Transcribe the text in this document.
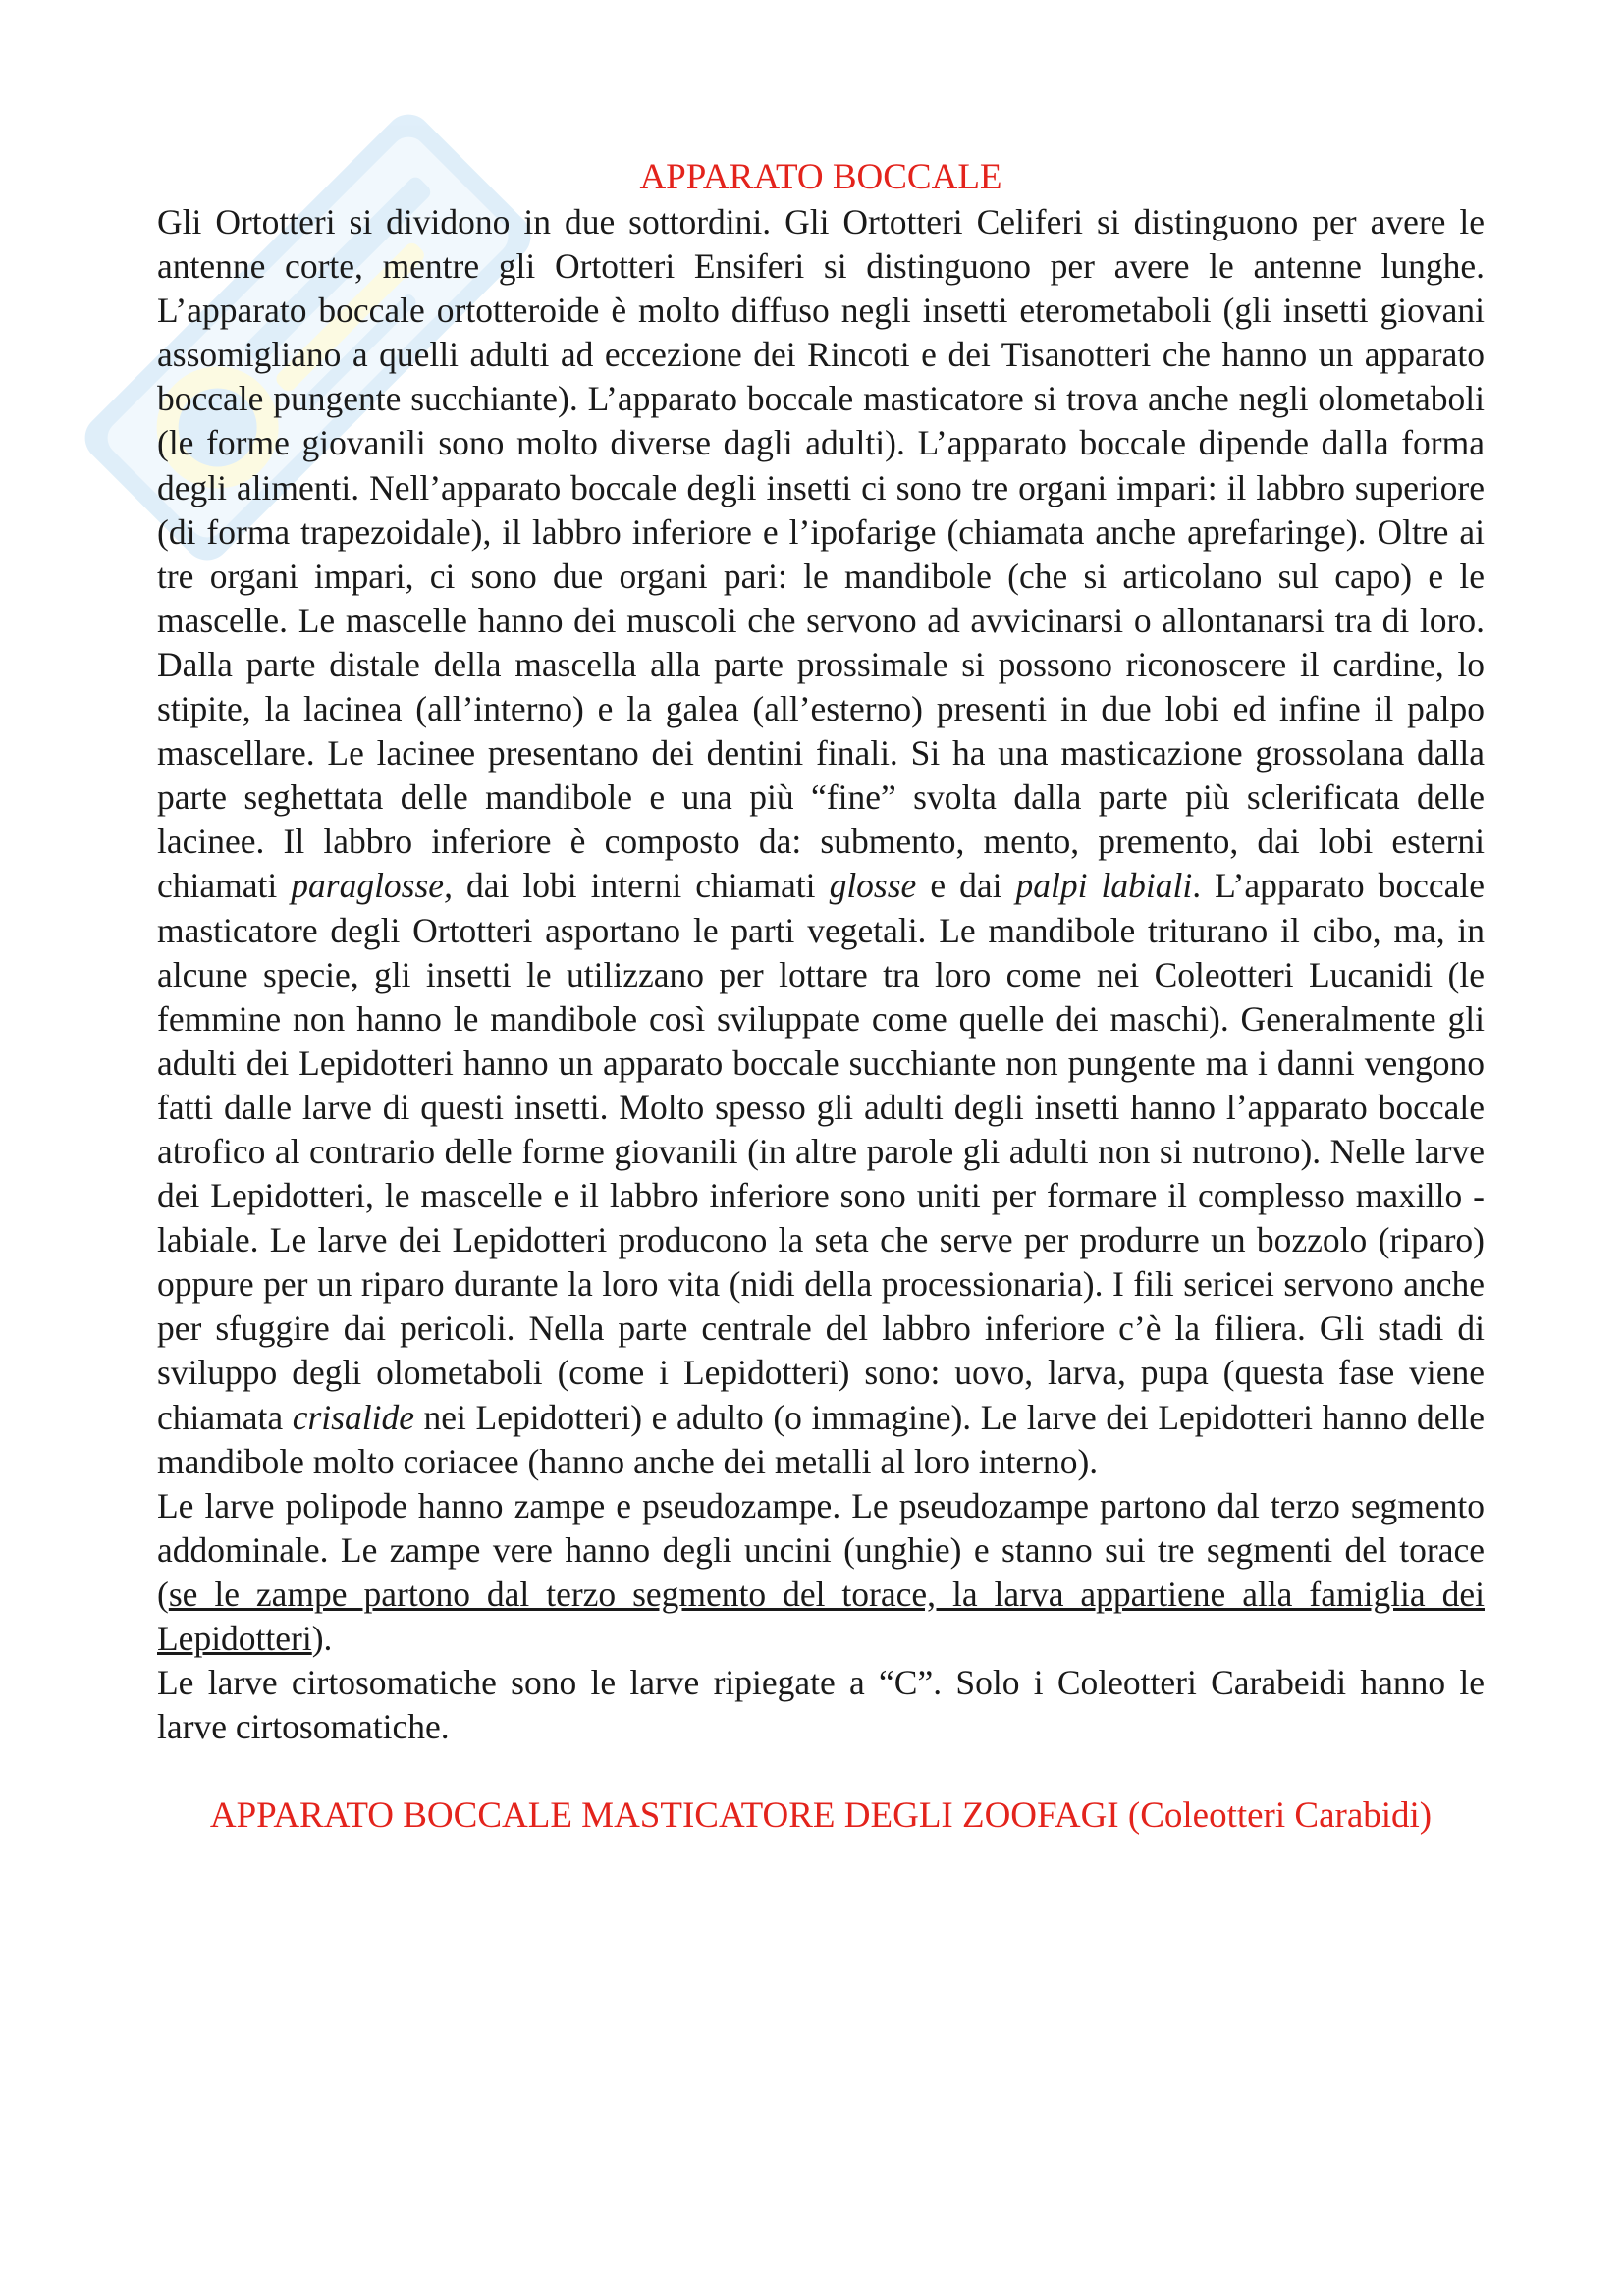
APPARATO BOCCALE

Gli Ortotteri si dividono in due sottordini. Gli Ortotteri Celiferi si distinguono per avere le antenne corte, mentre gli Ortotteri Ensiferi si distinguono per avere le antenne lunghe. L’apparato boccale ortotteroide è molto diffuso negli insetti eterometaboli (gli insetti giovani assomigliano a quelli adulti ad eccezione dei Rincoti e dei Tisanotteri che hanno un apparato boccale pungente succhiante). L’apparato boccale masticatore si trova anche negli olometaboli (le forme giovanili sono molto diverse dagli adulti). L’apparato boccale dipende dalla forma degli alimenti. Nell’apparato boccale degli insetti ci sono tre organi impari: il labbro superiore (di forma trapezoidale), il labbro inferiore e l’ipofarige (chiamata anche aprefaringe). Oltre ai tre organi impari, ci sono due organi pari: le mandibole (che si articolano sul capo) e le mascelle. Le mascelle hanno dei muscoli che servono ad avvicinarsi o allontanarsi tra di loro. Dalla parte distale della mascella alla parte prossimale si possono riconoscere il cardine, lo stipite, la lacinea (all’interno) e la galea (all’esterno) presenti in due lobi ed infine il palpo mascellare. Le lacinee presentano dei dentini finali. Si ha una masticazione grossolana dalla parte seghettata delle mandibole e una più “fine” svolta dalla parte più sclerificata delle lacinee. Il labbro inferiore è composto da: submento, mento, premento, dai lobi esterni chiamati paraglosse, dai lobi interni chiamati glosse e dai palpi labiali. L’apparato boccale masticatore degli Ortotteri asportano le parti vegetali. Le mandibole triturano il cibo, ma, in alcune specie, gli insetti le utilizzano per lottare tra loro come nei Coleotteri Lucanidi (le femmine non hanno le mandibole così sviluppate come quelle dei maschi). Generalmente gli adulti dei Lepidotteri hanno un apparato boccale succhiante non pungente ma i danni vengono fatti dalle larve di questi insetti. Molto spesso gli adulti degli insetti hanno l’apparato boccale atrofico al contrario delle forme giovanili (in altre parole gli adulti non si nutrono). Nelle larve dei Lepidotteri, le mascelle e il labbro inferiore sono uniti per formare il complesso maxillo - labiale. Le larve dei Lepidotteri producono la seta che serve per produrre un bozzolo (riparo) oppure per un riparo durante la loro vita (nidi della processionaria). I fili sericei servono anche per sfuggire dai pericoli. Nella parte centrale del labbro inferiore c’è la filiera. Gli stadi di sviluppo degli olometaboli (come i Lepidotteri) sono: uovo, larva, pupa (questa fase viene chiamata crisalide nei Lepidotteri) e adulto (o immagine). Le larve dei Lepidotteri hanno delle mandibole molto coriacee (hanno anche dei metalli al loro interno).

Le larve polipode hanno zampe e pseudozampe. Le pseudozampe partono dal terzo segmento addominale. Le zampe vere hanno degli uncini (unghie) e stanno sui tre segmenti del torace (se le zampe partono dal terzo segmento del torace, la larva appartiene alla famiglia dei Lepidotteri).

Le larve cirtosomatiche sono le larve ripiegate a “C”. Solo i Coleotteri Carabeidi hanno le larve cirtosomatiche.

APPARATO BOCCALE MASTICATORE DEGLI ZOOFAGI (Coleotteri Carabidi)
